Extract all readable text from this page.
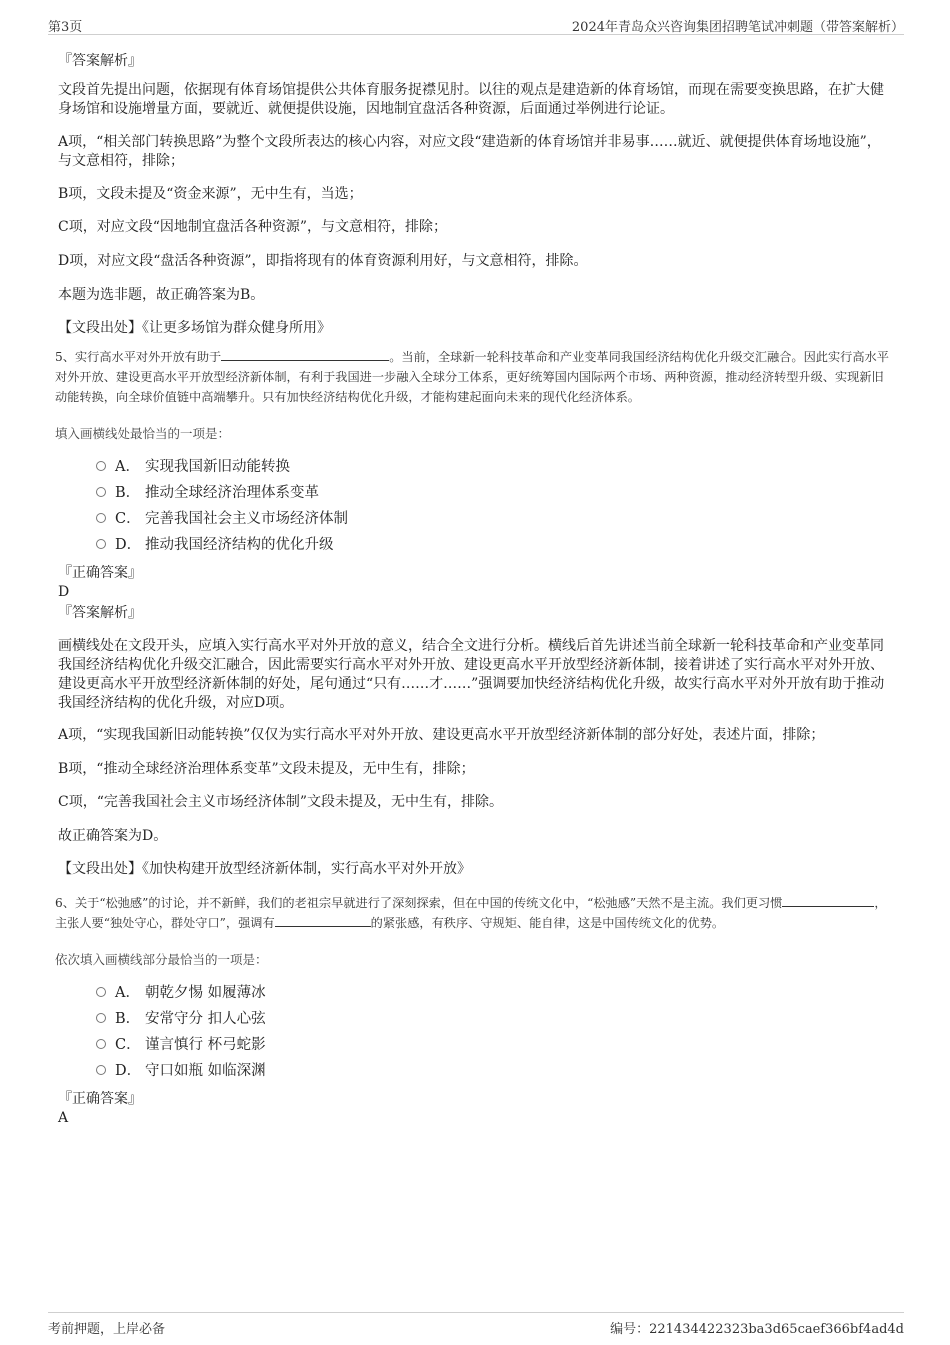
第3页	2024年青岛众兴咨询集团招聘笔试冲刺题（带答案解析）
『答案解析』

文段首先提出问题，依据现有体育场馆提供公共体育服务捉襟见肘。以往的观点是建造新的体育场馆，而现在需要变换思路，在扩大健身场馆和设施增量方面，要就近、就便提供设施，因地制宜盘活各种资源，后面通过举例进行论证。

A项，“相关部门转换思路”为整个文段所表达的核心内容，对应文段“建造新的体育场馆并非易事……就近、就便提供体育场地设施”，与文意相符，排除；

B项，文段未提及“资金来源”，无中生有，当选；

C项，对应文段“因地制宜盘活各种资源”，与文意相符，排除；

D项，对应文段“盘活各种资源”，即指将现有的体育资源利用好，与文意相符，排除。

本题为选非题，故正确答案为B。

【文段出处】《让更多场馆为群众健身所用》

5、实行高水平对外开放有助于	。当前，全球新一轮科技革命和产业变革同我国经济结构优化升级交汇融合。因此实行高水平对外开放、建设更高水平开放型经济新体制，有利于我国进一步融入全球分工体系，更好统筹国内国际两个市场、两种资源，推动经济转型升级、实现新旧动能转换，向全球价值链中高端攀升。只有加快经济结构优化升级，才能构建起面向未来的现代化经济体系。

填入画横线处最恰当的一项是：

A． 实现我国新旧动能转换
B． 推动全球经济治理体系变革
C． 完善我国社会主义市场经济体制
D． 推动我国经济结构的优化升级
『正确答案』
D
『答案解析』

画横线处在文段开头，应填入实行高水平对外开放的意义，结合全文进行分析。横线后首先讲述当前全球新一轮科技革命和产业变革同我国经济结构优化升级交汇融合，因此需要实行高水平对外开放、建设更高水平开放型经济新体制，接着讲述了实行高水平对外开放、建设更高水平开放型经济新体制的好处，尾句通过“只有……才……”强调要加快经济结构优化升级，故实行高水平对外开放有助于推动我国经济结构的优化升级，对应D项。

A项，“实现我国新旧动能转换”仅仅为实行高水平对外开放、建设更高水平开放型经济新体制的部分好处，表述片面，排除；

B项，“推动全球经济治理体系变革”文段未提及，无中生有，排除；

C项，“完善我国社会主义市场经济体制”文段未提及，无中生有，排除。

故正确答案为D。

【文段出处】《加快构建开放型经济新体制，实行高水平对外开放》

6、关于“松弛感”的讨论，并不新鲜，我们的老祖宗早就进行了深刻探索，但在中国的传统文化中，“松弛感”天然不是主流。我们更习惯	，主张人要“独处守心，群处守口”，强调有	的紧张感，有秩序、守规矩、能自律，这是中国传统文化的优势。

依次填入画横线部分最恰当的一项是：

A． 朝乾夕惕 如履薄冰
B． 安常守分 扣人心弦
C． 谨言慎行 杯弓蛇影
D． 守口如瓶 如临深渊
『正确答案』
A
考前押题，上岸必备	编号：221434422323ba3d65caef366bf4ad4d
